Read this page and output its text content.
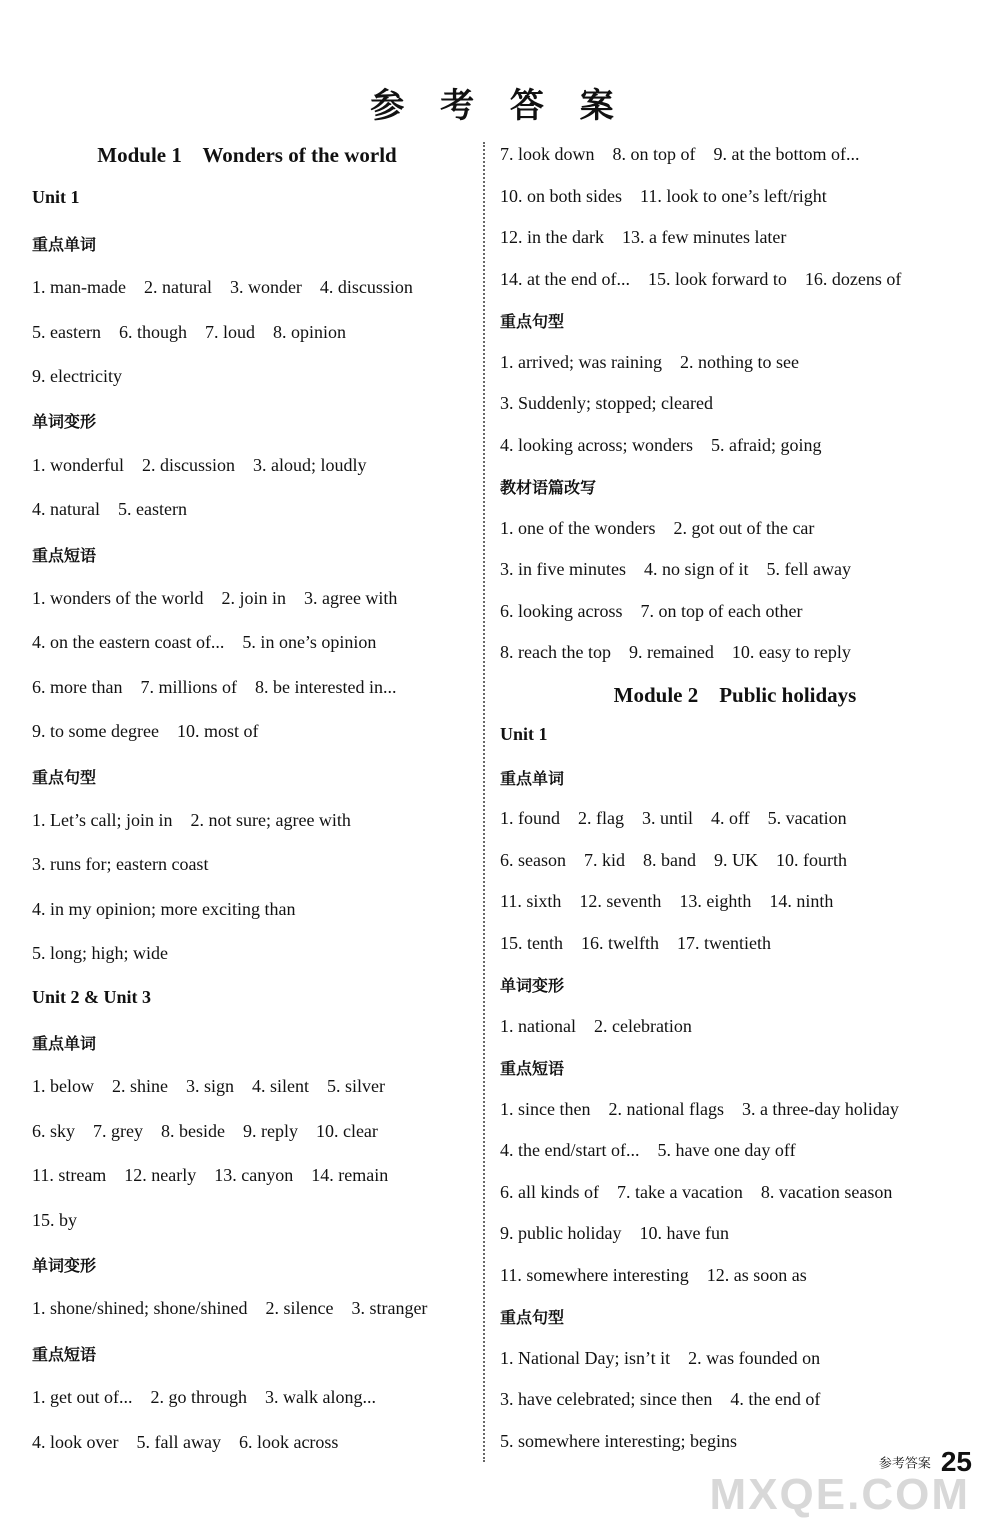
参 考 答 案
Module 1    Wonders of the world
Unit 1
重点单词
1. man-made    2. natural    3. wonder    4. discussion
5. eastern    6. though    7. loud    8. opinion
9. electricity
单词变形
1. wonderful    2. discussion    3. aloud; loudly
4. natural    5. eastern
重点短语
1. wonders of the world    2. join in    3. agree with
4. on the eastern coast of...    5. in one’s opinion
6. more than    7. millions of    8. be interested in...
9. to some degree    10. most of
重点句型
1. Let’s call; join in    2. not sure; agree with
3. runs for; eastern coast
4. in my opinion; more exciting than
5. long; high; wide
Unit 2 & Unit 3
重点单词
1. below    2. shine    3. sign    4. silent    5. silver
6. sky    7. grey    8. beside    9. reply    10. clear
11. stream    12. nearly    13. canyon    14. remain
15. by
单词变形
1. shone/shined; shone/shined    2. silence    3. stranger
重点短语
1. get out of...    2. go through    3. walk along...
4. look over    5. fall away    6. look across
7. look down    8. on top of    9. at the bottom of...
10. on both sides    11. look to one’s left/right
12. in the dark    13. a few minutes later
14. at the end of...    15. look forward to    16. dozens of
重点句型
1. arrived; was raining    2. nothing to see
3. Suddenly; stopped; cleared
4. looking across; wonders    5. afraid; going
教材语篇改写
1. one of the wonders    2. got out of the car
3. in five minutes    4. no sign of it    5. fell away
6. looking across    7. on top of each other
8. reach the top    9. remained    10. easy to reply
Module 2    Public holidays
Unit 1
重点单词
1. found    2. flag    3. until    4. off    5. vacation
6. season    7. kid    8. band    9. UK    10. fourth
11. sixth    12. seventh    13. eighth    14. ninth
15. tenth    16. twelfth    17. twentieth
单词变形
1. national    2. celebration
重点短语
1. since then    2. national flags    3. a three-day holiday
4. the end/start of...    5. have one day off
6. all kinds of    7. take a vacation    8. vacation season
9. public holiday    10. have fun
11. somewhere interesting    12. as soon as
重点句型
1. National Day; isn’t it    2. was founded on
3. have celebrated; since then    4. the end of
5. somewhere interesting; begins
参考答案 25
MXQE.COM
